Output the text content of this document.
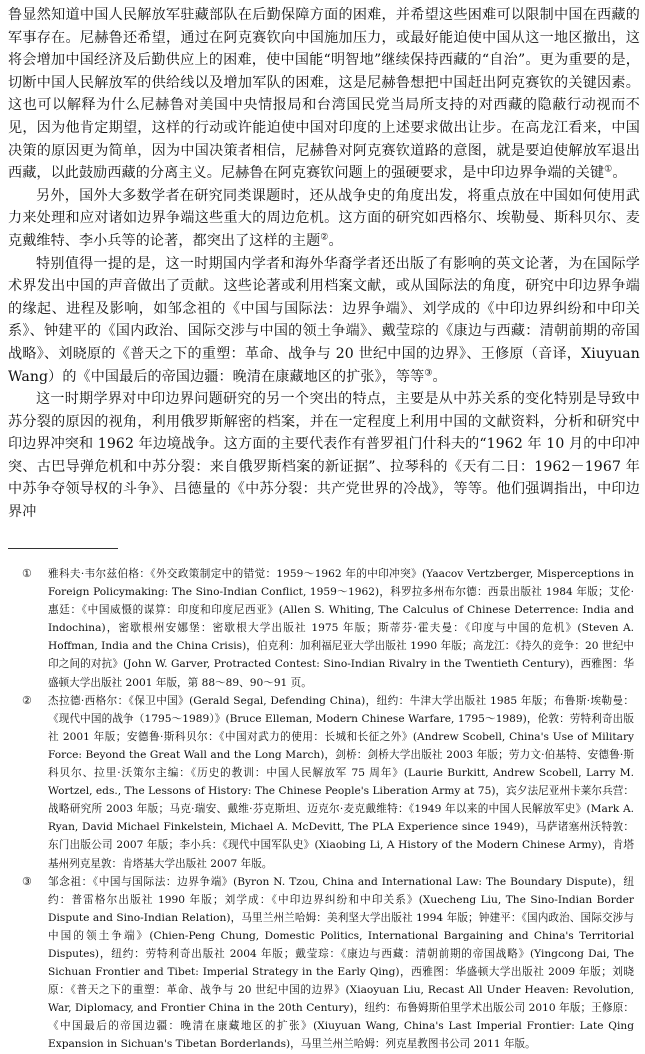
鲁显然知道中国人民解放军驻藏部队在后勤保障方面的困难，并希望这些困难可以限制中国在西藏的军事存在。尼赫鲁还希望，通过在阿克赛钦向中国施加压力，或最好能迫使中国从这一地区撤出，这将会增加中国经济及后勤供应上的困难，使中国能“明智地”继续保持西藏的“自治”。更为重要的是，切断中国人民解放军的供给线以及增加军队的困难，这是尼赫鲁想把中国赶出阿克赛钦的关键因素。这也可以解释为什么尼赫鲁对美国中央情报局和台湾国民党当局所支持的对西藏的隐蔽行动视而不见，因为他肯定期望，这样的行动或许能迫使中国对印度的上述要求做出让步。在高龙江看来，中国决策的原因更为简单，因为中国决策者相信，尼赫鲁对阿克赛钦道路的意图，就是要迫使解放军退出西藏，以此鼓励西藏的分离主义。尼赫鲁在阿克赛钦问题上的强硬要求，是中印边界争端的关键①。

另外，国外大多数学者在研究同类课题时，还从战争史的角度出发，将重点放在中国如何使用武力来处理和应对诸如边界争端这些重大的周边危机。这方面的研究如西格尔、埃勒曼、斯科贝尔、麦克戴维特、李小兵等的论著，都突出了这样的主题②。

特别值得一提的是，这一时期国内学者和海外华裔学者还出版了有影响的英文论著，为在国际学术界发出中国的声音做出了贡献。这些论著或利用档案文献，或从国际法的角度，研究中印边界争端的缘起、进程及影响，如邹念祖的《中国与国际法：边界争端》、刘学成的《中印边界纠纷和中印关系》、钟建平的《国内政治、国际交涉与中国的领土争端》、戴莹琮的《康边与西藏：清朝前期的帝国战略》、刘晓原的《普天之下的重塑：革命、战争与 20 世纪中国的边界》、王修原（音译，Xiuyuan Wang）的《中国最后的帝国边疆：晚清在康藏地区的扩张》，等等③。

这一时期学界对中印边界问题研究的另一个突出的特点，主要是从中苏关系的变化特别是导致中苏分裂的原因的视角，利用俄罗斯解密的档案，并在一定程度上利用中国的文献资料，分析和研究中印边界冲突和 1962 年边境战争。这方面的主要代表作有普罗祖门什科夫的“1962 年 10 月的中印冲突、古巴导弹危机和中苏分裂：来自俄罗斯档案的新证据”、拉琴科的《天有二日：1962－1967 年中苏争夺领导权的斗争》、吕德量的《中苏分裂：共产党世界的冷战》，等等。他们强调指出，中印边界冲

①	雅科夫·韦尔兹伯格：《外交政策制定中的错觉：1959～1962 年的中印冲突》(Yaacov Vertzberger, Misperceptions in Foreign Policymaking: The Sino-Indian Conflict, 1959～1962)，科罗拉多州布尔德：西景出版社 1984 年版；艾伦·惠廷：《中国威慑的谋算：印度和印度尼西亚》(Allen S. Whiting, The Calculus of Chinese Deterrence: India and Indochina)，密歇根州安娜堡：密歇根大学出版社 1975 年版；斯蒂芬·霍夫曼：《印度与中国的危机》(Steven A. Hoffman, India and the China Crisis)，伯克利：加利福尼亚大学出版社 1990 年版；高龙江：《持久的竞争：20 世纪中印之间的对抗》(John W. Garver, Protracted Contest: Sino-Indian Rivalry in the Twentieth Century)，西雅图：华盛顿大学出版社 2001 年版，第 88～89、90～91 页。
②	杰拉德·西格尔：《保卫中国》(Gerald Segal, Defending China)，纽约：牛津大学出版社 1985 年版；布鲁斯·埃勒曼：《现代中国的战争（1795～1989）》(Bruce Elleman, Modern Chinese Warfare, 1795～1989)，伦敦：劳特利奇出版社 2001 年版；安德鲁·斯科贝尔：《中国对武力的使用：长城和长征之外》(Andrew Scobell, China's Use of Military Force: Beyond the Great Wall and the Long March)，剑桥：剑桥大学出版社 2003 年版；劳力文·伯基特、安德鲁·斯科贝尔、拉里·沃策尔主编：《历史的教训：中国人民解放军 75 周年》(Laurie Burkitt, Andrew Scobell, Larry M. Wortzel, eds., The Lessons of History: The Chinese People's Liberation Army at 75)，宾夕法尼亚州卡莱尔兵营：战略研究所 2003 年版；马克·瑞安、戴维·芬克斯坦、迈克尔·麦克戴维特：《1949 年以来的中国人民解放军史》(Mark A. Ryan, David Michael Finkelstein, Michael A. McDevitt, The PLA Experience since 1949)，马萨诸塞州沃特敦：东门出版公司 2007 年版；李小兵：《现代中国军队史》(Xiaobing Li, A History of the Modern Chinese Army)，肯塔基州列克星敦：肯塔基大学出版社 2007 年版。
③	邹念祖：《中国与国际法：边界争端》(Byron N. Tzou, China and International Law: The Boundary Dispute)，纽约：普雷格尔出版社 1990 年版；刘学成：《中印边界纠纷和中印关系》(Xuecheng Liu, The Sino-Indian Border Dispute and Sino-Indian Relation)，马里兰州兰哈姆：美利坚大学出版社 1994 年版；钟建平：《国内政治、国际交涉与中国的领土争端》(Chien-Peng Chung, Domestic Politics, International Bargaining and China's Territorial Disputes)，纽约：劳特利奇出版社 2004 年版；戴莹琮：《康边与西藏：清朝前期的帝国战略》(Yingcong Dai, The Sichuan Frontier and Tibet: Imperial Strategy in the Early Qing)，西雅图：华盛顿大学出版社 2009 年版；刘晓原：《普天之下的重塑：革命、战争与 20 世纪中国的边界》(Xiaoyuan Liu, Recast All Under Heaven: Revolution, War, Diplomacy, and Frontier China in the 20th Century)，纽约：布鲁姆斯伯里学术出版公司 2010 年版；王修原：《中国最后的帝国边疆：晚清在康藏地区的扩张》(Xiuyuan Wang, China's Last Imperial Frontier: Late Qing Expansion in Sichuan's Tibetan Borderlands)，马里兰州兰哈姆：列克星教图书公司 2011 年版。
